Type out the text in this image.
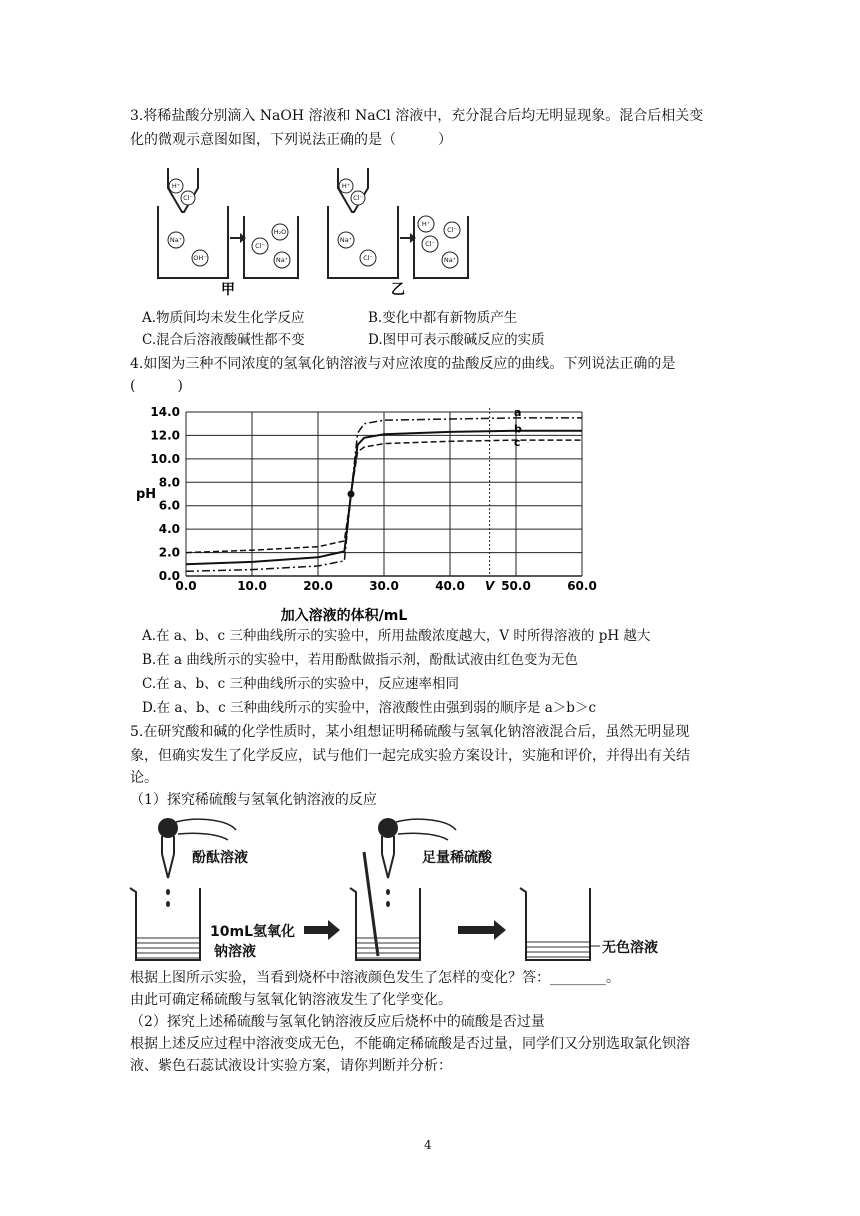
3.将稀盐酸分别滴入 NaOH 溶液和 NaCl 溶液中，充分混合后均无明显现象。混合后相关变
化的微观示意图如图，下列说法正确的是（　　　）
H⁺
Cl⁻
Na⁺
OH⁻
H₂O
Cl⁻
Na⁺
H⁺
Cl⁻
Na⁺
Cl⁻
H⁺
Cl⁻
Cl⁻
Na⁺
甲	乙
A.物质间均未发生化学反应	B.变化中都有新物质产生
C.混合后溶液酸碱性都不变	D.图甲可表示酸碱反应的实质
4.如图为三种不同浓度的氢氧化钠溶液与对应浓度的盐酸反应的曲线。下列说法正确的是
(　　　)
0.0
2.0
4.0
6.0
8.0
10.0
12.0
14.0
0.0	10.0	20.0	30.0	40.0	50.0	60.0
V
pH
加入溶液的体积/mL
a
b
c
A.在 a、b、c 三种曲线所示的实验中，所用盐酸浓度越大，V 时所得溶液的 pH 越大
B.在 a 曲线所示的实验中，若用酚酞做指示剂，酚酞试液由红色变为无色
C.在 a、b、c 三种曲线所示的实验中，反应速率相同
D.在 a、b、c 三种曲线所示的实验中，溶液酸性由强到弱的顺序是 a＞b＞c
5.在研究酸和碱的化学性质时，某小组想证明稀硫酸与氢氧化钠溶液混合后，虽然无明显现
象，但确实发生了化学反应，试与他们一起完成实验方案设计，实施和评价，并得出有关结
论。
（1）探究稀硫酸与氢氧化钠溶液的反应
酚酞溶液
10mL氢氧化
钠溶液
足量稀硫酸
无色溶液
根据上图所示实验，当看到烧杯中溶液颜色发生了怎样的变化？答：________。
由此可确定稀硫酸与氢氧化钠溶液发生了化学变化。
（2）探究上述稀硫酸与氢氧化钠溶液反应后烧杯中的硫酸是否过量
根据上述反应过程中溶液变成无色，不能确定稀硫酸是否过量，同学们又分别选取氯化钡溶
液、紫色石蕊试液设计实验方案，请你判断并分析：
4
